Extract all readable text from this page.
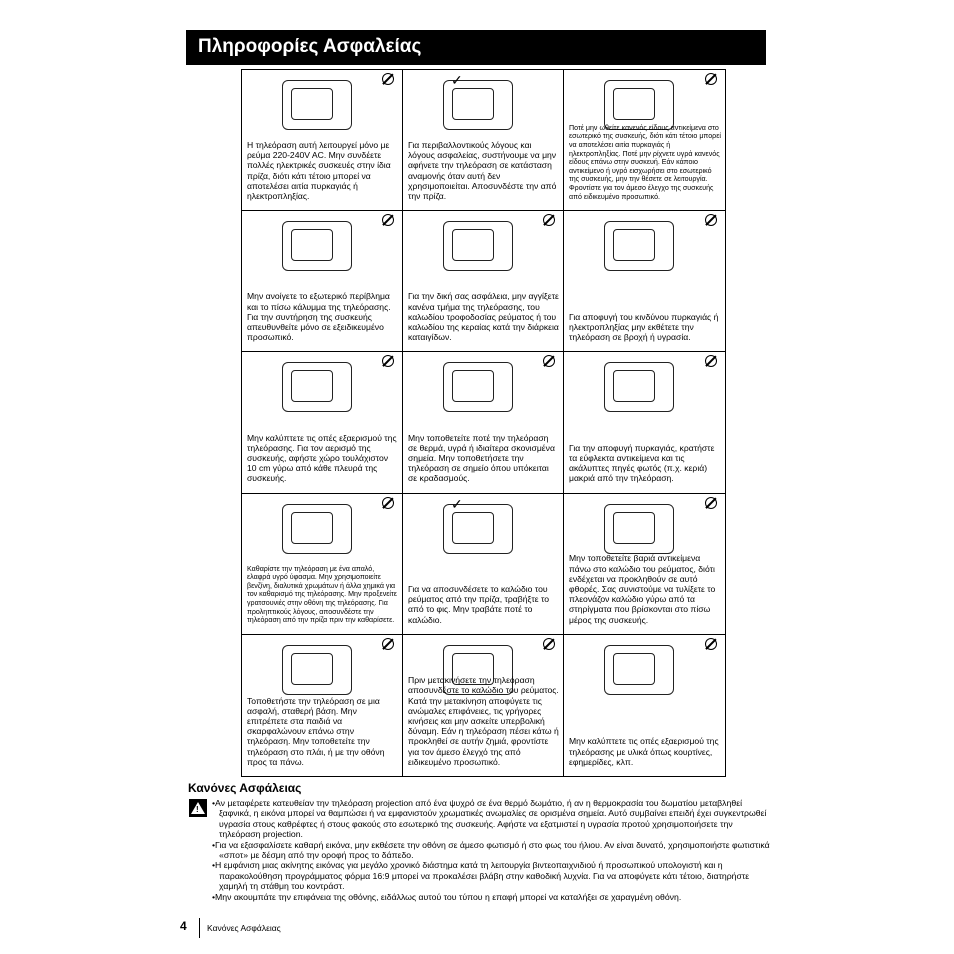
Πληροφορίες Ασφαλείας
Η τηλεόραση αυτή λειτουργεί μόνο με ρεύμα 220-240V AC. Μην συνδέετε πολλές ηλεκτρικές συσκευές στην ίδια πρίζα, διότι κάτι τέτοιο μπορεί να αποτελέσει αιτία πυρκαγιάς ή ηλεκτροπληξίας.
✓
Για περιβαλλοντικούς λόγους και λόγους ασφαλείας, συστήνουμε να μην αφήνετε την τηλεόραση σε κατάσταση αναμονής όταν αυτή δεν χρησιμοποιείται. Αποσυνδέστε την από την πρίζα.
Ποτέ μην ωθείτε κανενός είδους αντικείμενα στο εσωτερικό της συσκευής, διότι κάτι τέτοιο μπορεί να αποτελέσει αιτία πυρκαγιάς ή ηλεκτροπληξίας. Ποτέ μην ρίχνετε υγρά κανενός είδους επάνω στην συσκευή. Εάν κάποιο αντικείμενο ή υγρό εισχωρήσει στο εσωτερικό της συσκευής, μην την θέσετε σε λειτουργία. Φροντίστε για τον άμεσο έλεγχο της συσκευής από ειδικευμένο προσωπικό.
Μην ανοίγετε το εξωτερικό περίβλημα και το πίσω κάλυμμα της τηλεόρασης. Για την συντήρηση της συσκευής απευθυνθείτε μόνο σε εξειδικευμένο προσωπικό.
Για την δική σας ασφάλεια, μην αγγίξετε κανένα τμήμα της τηλεόρασης, του καλωδίου τροφοδοσίας ρεύματος ή του καλωδίου της κεραίας κατά την διάρκεια καταιγίδων.
Για αποφυγή του κινδύνου πυρκαγιάς ή ηλεκτροπληξίας μην εκθέτετε την τηλεόραση σε βροχή ή υγρασία.
Μην καλύπτετε τις οπές εξαερισμού της τηλεόρασης. Για τον αερισμό της συσκευής, αφήστε χώρο τουλάχιστον 10 cm γύρω από κάθε πλευρά της συσκευής.
Μην τοποθετείτε ποτέ την τηλεόραση σε θερμά, υγρά ή ιδιαίτερα σκονισμένα σημεία. Μην τοποθετήσετε την τηλεόραση σε σημείο όπου υπόκειται σε κραδασμούς.
Για την αποφυγή πυρκαγιάς, κρατήστε τα εύφλεκτα αντικείμενα και τις ακάλυπτες πηγές φωτός (π.χ. κεριά) μακριά από την τηλεόραση.
Καθαρίστε την τηλεόραση με ένα απαλό, ελαφρά υγρό ύφασμα. Μην χρησιμοποιείτε βενζίνη, διαλυτικά χρωμάτων ή άλλα χημικά για τον καθαρισμό της τηλεόρασης. Μην προξενείτε γρατσουνιές στην οθόνη της τηλεόρασης. Για προληπτικούς λόγους, αποσυνδέστε την τηλεόραση από την πρίζα πριν την καθαρίσετε.
✓
Για να αποσυνδέσετε το καλώδιο του ρεύματος από την πρίζα, τραβήξτε το από το φις. Μην τραβάτε ποτέ το καλώδιο.
Μην τοποθετείτε βαριά αντικείμενα πάνω στο καλώδιο του ρεύματος, διότι ενδέχεται να προκληθούν σε αυτό φθορές. Σας συνιστούμε να τυλίξετε το πλεονάζον καλώδιο γύρω από τα στηρίγματα που βρίσκονται στο πίσω μέρος της συσκευής.
Τοποθετήστε την τηλεόραση σε μια ασφαλή, σταθερή βάση. Μην επιτρέπετε στα παιδιά να σκαρφαλώνουν επάνω στην τηλεόραση. Μην τοποθετείτε την τηλεόραση στο πλάι, ή με την οθόνη προς τα πάνω.
Πριν μετακινήσετε την τηλεόραση αποσυνδέστε το καλώδιο του ρεύματος. Κατά την μετακίνηση αποφύγετε τις ανώμαλες επιφάνειες, τις γρήγορες κινήσεις και μην ασκείτε υπερβολική δύναμη. Εάν η τηλεόραση πέσει κάτω ή προκληθεί σε αυτήν ζημιά, φροντίστε για τον άμεσο έλεγχό της από ειδικευμένο προσωπικό.
Μην καλύπτετε τις οπές εξαερισμού της τηλεόρασης με υλικά όπως κουρτίνες, εφημερίδες, κλπ.
Κανόνες Ασφάλειας
!
• Αν μεταφέρετε κατευθείαν την τηλεόραση projection από ένα ψυχρό σε ένα θερμό δωμάτιο, ή αν η θερμοκρασία του δωματίου μεταβληθεί ξαφνικά, η εικόνα μπορεί να θαμπώσει ή να εμφανιστούν χρωματικές ανωμαλίες σε ορισμένα σημεία. Αυτό συμβαίνει επειδή έχει συγκεντρωθεί υγρασία στους καθρέφτες ή στους φακούς στο εσωτερικό της συσκευής. Αφήστε να εξατμιστεί η υγρασία προτού χρησιμοποιήσετε την τηλεόραση projection.
• Για να εξασφαλίσετε καθαρή εικόνα, μην εκθέσετε την οθόνη σε άμεσο φωτισμό ή στο φως του ήλιου. Αν είναι δυνατό, χρησιμοποιήστε φωτιστικά «σποτ» με δέσμη από την οροφή προς το δάπεδο.
• Η εμφάνιση μιας ακίνητης εικόνας για μεγάλο χρονικό διάστημα κατά τη λειτουργία βιντεοπαιχνιδιού ή προσωπικού υπολογιστή και η παρακολούθηση προγράμματος φόρμα 16:9 μπορεί να προκαλέσει βλάβη στην καθοδική λυχνία. Για να αποφύγετε κάτι τέτοιο, διατηρήστε χαμηλή τη στάθμη του κοντράστ.
• Μην ακουμπάτε την επιφάνεια της οθόνης, ειδάλλως αυτού του τύπου η επαφή μπορεί να καταλήξει σε χαραγμένη οθόνη.
4 Κανόνες Ασφάλειας
